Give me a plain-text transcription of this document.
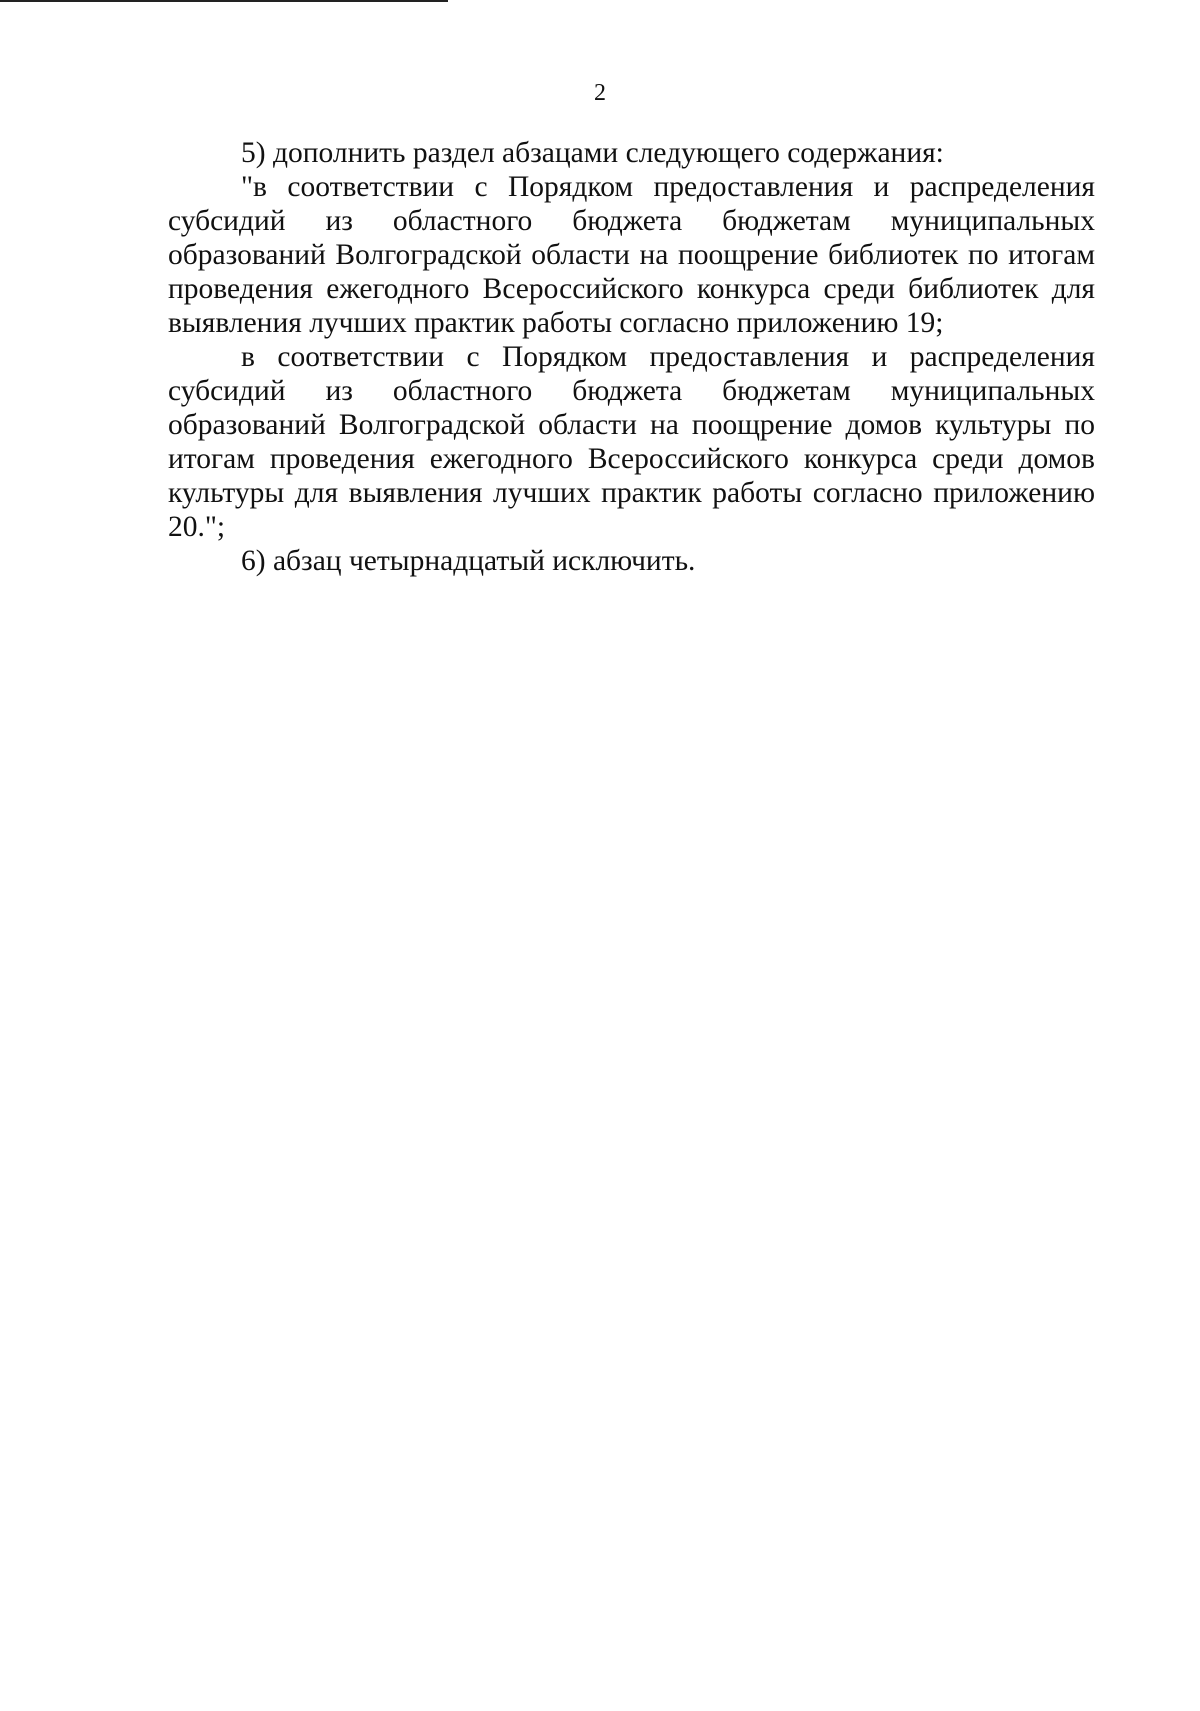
2

5) дополнить раздел абзацами следующего содержания:

"в соответствии с Порядком предоставления и распределения субсидий из областного бюджета бюджетам муниципальных образований Волгоградской области на поощрение библиотек по итогам проведения ежегодного Всероссийского конкурса среди библиотек для выявления лучших практик работы согласно приложению 19;

в соответствии с Порядком предоставления и распределения субсидий из областного бюджета бюджетам муниципальных образований Волгоградской области на поощрение домов культуры по итогам проведения ежегодного Всероссийского конкурса среди домов культуры для выявления лучших практик работы согласно приложению 20.";

6) абзац четырнадцатый исключить.
